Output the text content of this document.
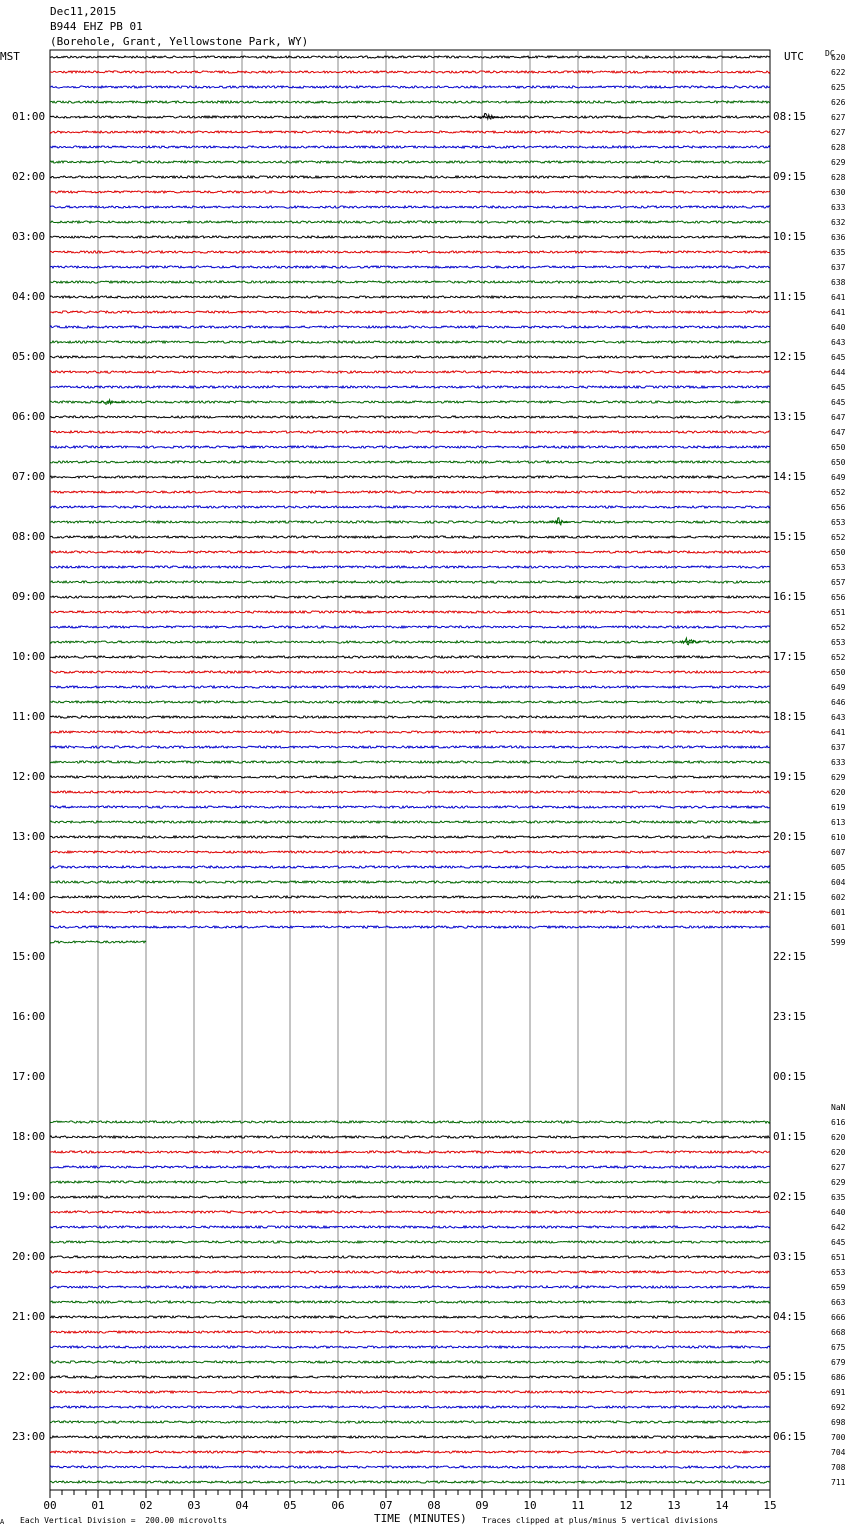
Dec11,2015
B944 EHZ PB 01
(Borehole, Grant, Yellowstone Park, WY)
MST	UTC	DC
NaN
620
622
625
626
627
627
628
629
628
630
633
632
636
635
637
638
641
641
640
643
645
644
645
645
647
647
650
650
649
652
656
653
652
650
653
657
656
651
652
653
652
650
649
646
643
641
637
633
629
620
619
613
610
607
605
604
602
601
601
599
616
620
620
627
629
635
640
642
645
651
653
659
663
666
668
675
679
686
691
692
698
700
704
708
711
00	01	02	03	04	05	06	07	08	09	10	11	12	13	14	15
01:00	08:15
02:00	09:15
03:00	10:15
04:00	11:15
05:00	12:15
06:00	13:15
07:00	14:15
08:00	15:15
09:00	16:15
10:00	17:15
11:00	18:15
12:00	19:15
13:00	20:15
14:00	21:15
15:00	22:15
16:00	23:15
17:00	00:15
18:00	01:15
19:00	02:15
20:00	03:15
21:00	04:15
22:00	05:15
23:00	06:15
A Each Vertical Division =  200.00 microvolts	TIME (MINUTES) Traces clipped at plus/minus 5 vertical divisions
